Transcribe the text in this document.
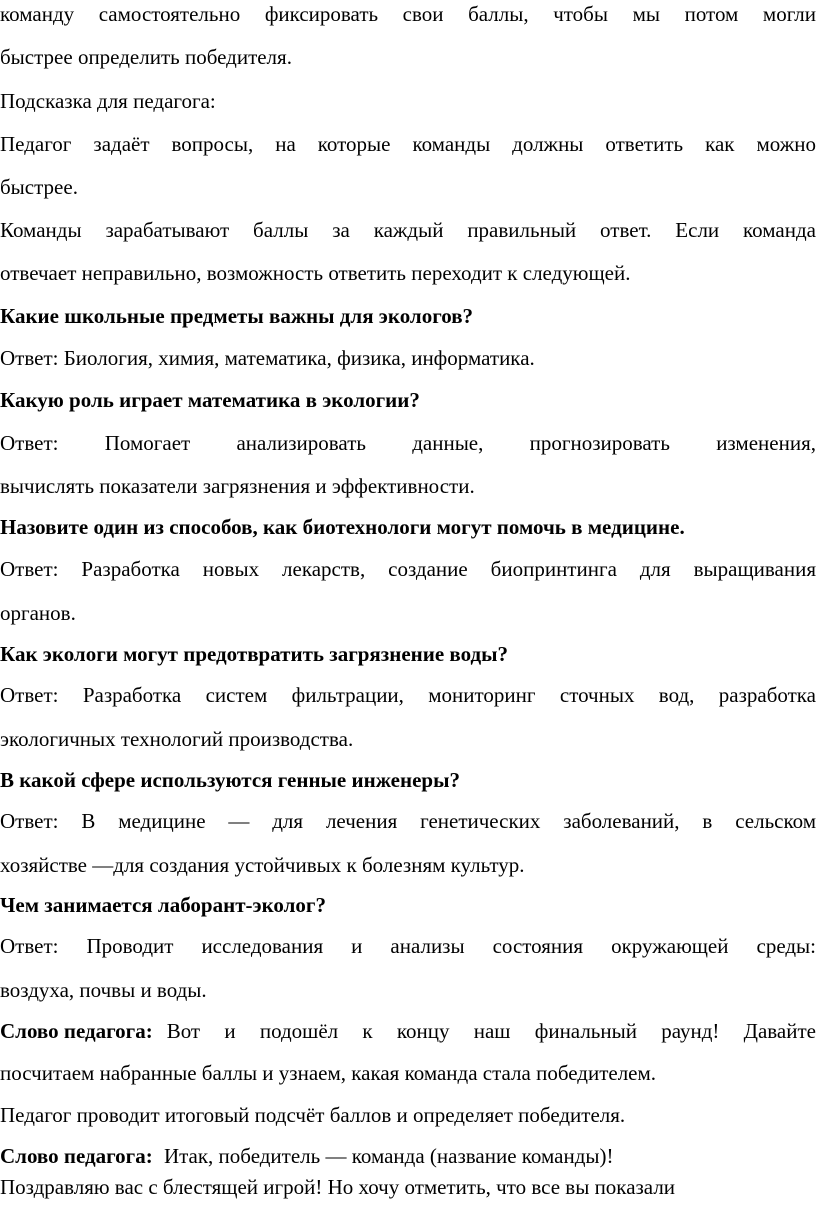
команду самостоятельно фиксировать свои баллы, чтобы мы потом могли
быстрее определить победителя.
Подсказка для педагога:
Педагог задаёт вопросы, на которые команды должны ответить как можно
быстрее.
Команды зарабатывают баллы за каждый правильный ответ. Если команда
отвечает неправильно, возможность ответить переходит к следующей.
Какие школьные предметы важны для экологов?
Ответ: Биология, химия, математика, физика, информатика.
Какую роль играет математика в экологии?
Ответ: Помогает анализировать данные, прогнозировать изменения,
вычислять показатели загрязнения и эффективности.
Назовите один из способов, как биотехнологи могут помочь в медицине.
Ответ: Разработка новых лекарств, создание биопринтинга для выращивания
органов.
Как экологи могут предотвратить загрязнение воды?
Ответ: Разработка систем фильтрации, мониторинг сточных вод, разработка
экологичных технологий производства.
В какой сфере используются генные инженеры?
Ответ: В медицине — для лечения генетических заболеваний, в сельском
хозяйстве —для создания устойчивых к болезням культур.
Чем занимается лаборант-эколог?
Ответ: Проводит исследования и анализы состояния окружающей среды:
воздуха, почвы и воды.
Слово педагога: Вот и подошёл к концу наш финальный раунд! Давайте
посчитаем набранные баллы и узнаем, какая команда стала победителем.
Педагог проводит итоговый подсчёт баллов и определяет победителя.
Слово педагога: Итак, победитель — команда (название команды)!
Поздравляю вас с блестящей игрой! Но хочу отметить, что все вы показали
